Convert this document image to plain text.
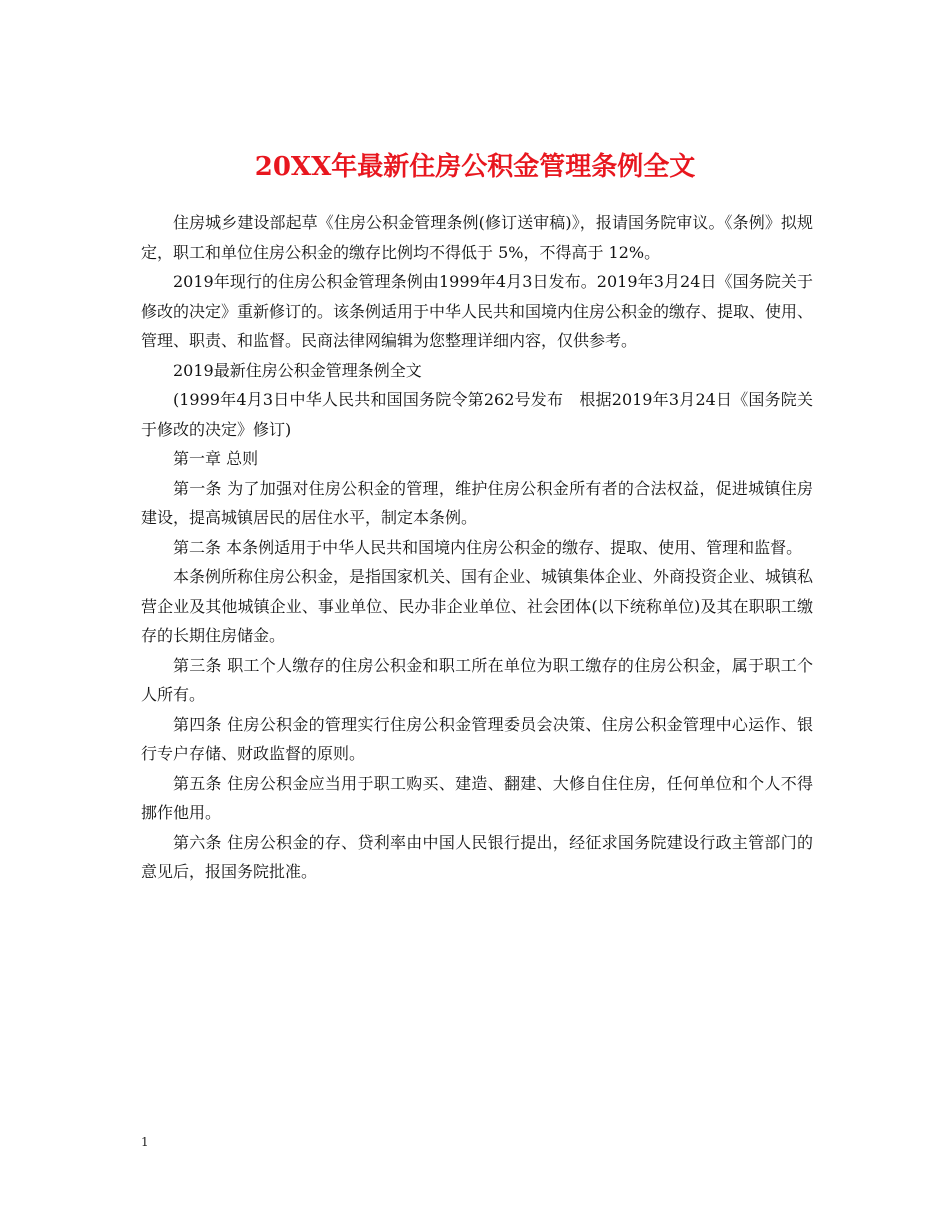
20XX年最新住房公积金管理条例全文

住房城乡建设部起草《住房公积金管理条例(修订送审稿)》，报请国务院审议。《条例》拟规定，职工和单位住房公积金的缴存比例均不得低于 5%，不得高于 12%。

2019年现行的住房公积金管理条例由1999年4月3日发布。2019年3月24日《国务院关于修改的决定》重新修订的。该条例适用于中华人民共和国境内住房公积金的缴存、提取、使用、管理、职责、和监督。民商法律网编辑为您整理详细内容，仅供参考。

2019最新住房公积金管理条例全文

(1999年4月3日中华人民共和国国务院令第262号发布　根据2019年3月24日《国务院关于修改的决定》修订)

第一章 总则

第一条 为了加强对住房公积金的管理，维护住房公积金所有者的合法权益，促进城镇住房建设，提高城镇居民的居住水平，制定本条例。

第二条 本条例适用于中华人民共和国境内住房公积金的缴存、提取、使用、管理和监督。

本条例所称住房公积金，是指国家机关、国有企业、城镇集体企业、外商投资企业、城镇私营企业及其他城镇企业、事业单位、民办非企业单位、社会团体(以下统称单位)及其在职职工缴存的长期住房储金。

第三条 职工个人缴存的住房公积金和职工所在单位为职工缴存的住房公积金，属于职工个人所有。

第四条 住房公积金的管理实行住房公积金管理委员会决策、住房公积金管理中心运作、银行专户存储、财政监督的原则。

第五条 住房公积金应当用于职工购买、建造、翻建、大修自住住房，任何单位和个人不得挪作他用。

第六条 住房公积金的存、贷利率由中国人民银行提出，经征求国务院建设行政主管部门的意见后，报国务院批准。

1
